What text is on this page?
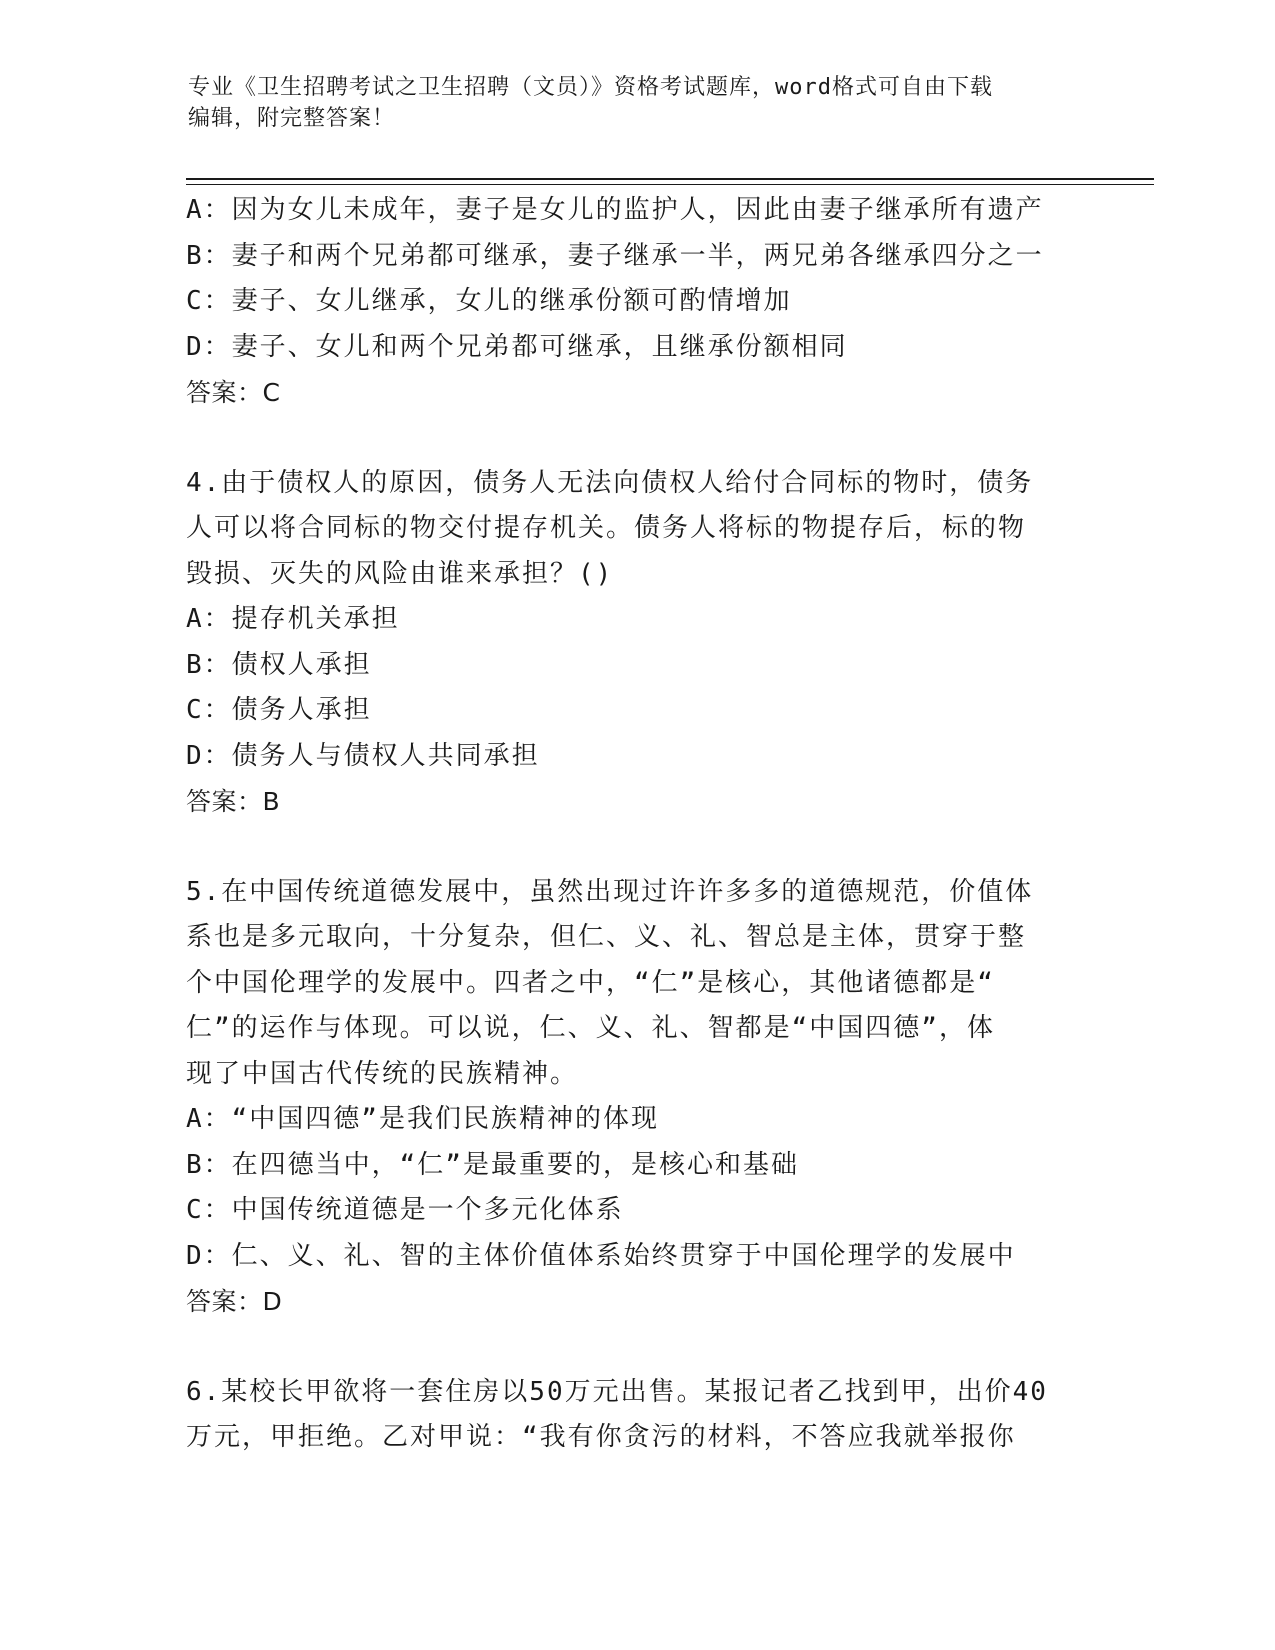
专业《卫生招聘考试之卫生招聘（文员）》资格考试题库，word格式可自由下载
编辑，附完整答案！
A：因为女儿未成年，妻子是女儿的监护人，因此由妻子继承所有遗产
B：妻子和两个兄弟都可继承，妻子继承一半，两兄弟各继承四分之一
C：妻子、女儿继承，女儿的继承份额可酌情增加
D：妻子、女儿和两个兄弟都可继承，且继承份额相同
答案：C
4.由于债权人的原因，债务人无法向债权人给付合同标的物时，债务
人可以将合同标的物交付提存机关。债务人将标的物提存后，标的物
毁损、灭失的风险由谁来承担？()
A：提存机关承担
B：债权人承担
C：债务人承担
D：债务人与债权人共同承担
答案：B
5.在中国传统道德发展中，虽然出现过许许多多的道德规范，价值体
系也是多元取向，十分复杂，但仁、义、礼、智总是主体，贯穿于整
个中国伦理学的发展中。四者之中，“仁”是核心，其他诸德都是“
仁”的运作与体现。可以说，仁、义、礼、智都是“中国四德”，体
现了中国古代传统的民族精神。
A：“中国四德”是我们民族精神的体现
B：在四德当中，“仁”是最重要的，是核心和基础
C：中国传统道德是一个多元化体系
D：仁、义、礼、智的主体价值体系始终贯穿于中国伦理学的发展中
答案：D
6.某校长甲欲将一套住房以50万元出售。某报记者乙找到甲，出价40
万元，甲拒绝。乙对甲说：“我有你贪污的材料，不答应我就举报你
